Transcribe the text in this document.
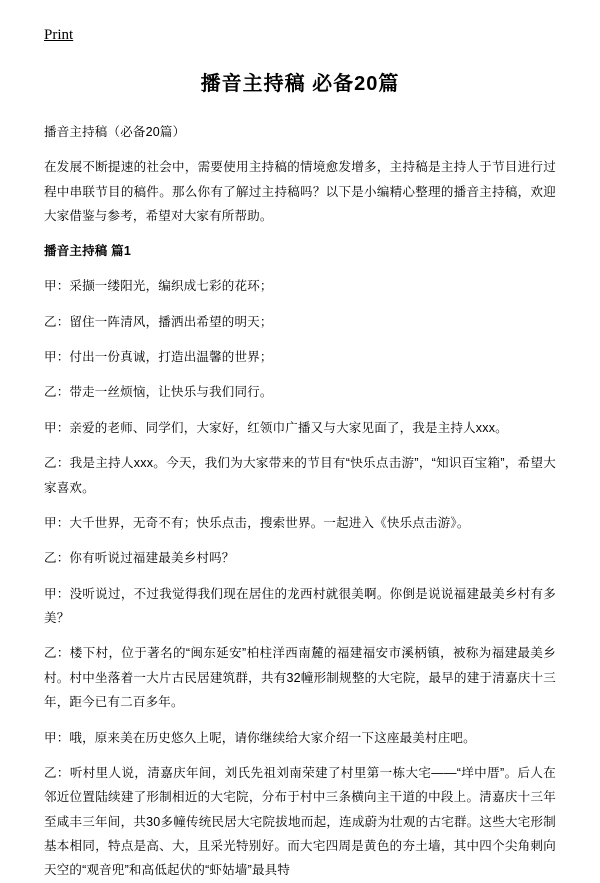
Print
播音主持稿 必备20篇

播音主持稿（必备20篇）

在发展不断提速的社会中，需要使用主持稿的情境愈发增多，主持稿是主持人于节目进行过程中串联节目的稿件。那么你有了解过主持稿吗？以下是小编精心整理的播音主持稿，欢迎大家借鉴与参考，希望对大家有所帮助。

播音主持稿 篇1

甲：采撷一缕阳光，编织成七彩的花环；

乙：留住一阵清风，播洒出希望的明天；

甲：付出一份真诚，打造出温馨的世界；

乙：带走一丝烦恼，让快乐与我们同行。

甲：亲爱的老师、同学们，大家好，红领巾广播又与大家见面了，我是主持人xxx。

乙：我是主持人xxx。今天，我们为大家带来的节目有“快乐点击游”，“知识百宝箱”，希望大家喜欢。

甲：大千世界，无奇不有；快乐点击，搜索世界。一起进入《快乐点击游》。

乙：你有听说过福建最美乡村吗？

甲：没听说过，不过我觉得我们现在居住的龙西村就很美啊。你倒是说说福建最美乡村有多美？

乙：楼下村，位于著名的“闽东延安”柏柱洋西南麓的福建福安市溪柄镇，被称为福建最美乡村。村中坐落着一大片古民居建筑群，共有32幢形制规整的大宅院，最早的建于清嘉庆十三年，距今已有二百多年。

甲：哦，原来美在历史悠久上呢，请你继续给大家介绍一下这座最美村庄吧。

乙：听村里人说，清嘉庆年间，刘氏先祖刘南荣建了村里第一栋大宅——“垟中厝”。后人在邻近位置陆续建了形制相近的大宅院，分布于村中三条横向主干道的中段上。清嘉庆十三年至咸丰三年间，共30多幢传统民居大宅院拔地而起，连成蔚为壮观的古宅群。这些大宅形制基本相同，特点是高、大，且采光特别好。而大宅四周是黄色的夯土墙，其中四个尖角刺向天空的“观音兜”和高低起伏的“虾姑墙”最具特
